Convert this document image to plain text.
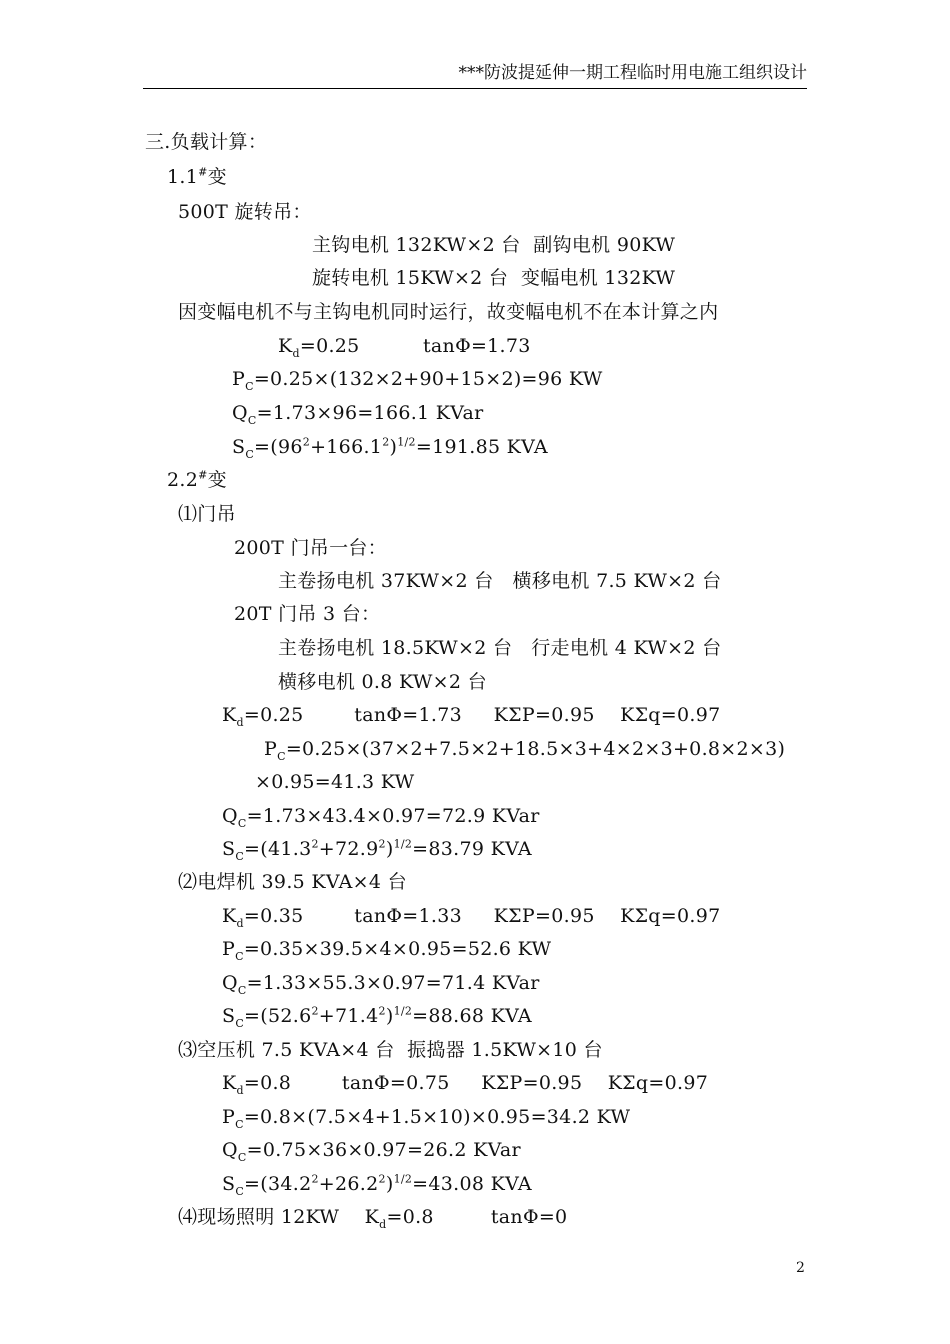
***防波提延伸一期工程临时用电施工组织设计
三.负载计算：
1.1#变
500T 旋转吊：
主钩电机 132KW×2 台  副钩电机 90KW
旋转电机 15KW×2 台  变幅电机 132KW
因变幅电机不与主钩电机同时运行，故变幅电机不在本计算之内
$K_d=0.25$          tanΦ=1.73
$P_C=0.25\times(132\times 2+90+15\times 2)=96$ KW
$Q_C=1.73\times 96=166.1$ KVar
$S_C=(96^2+166.1^2)^{1/2}=191.85$ KVA
2.2#变
⑴门吊
200T 门吊一台：
主卷扬电机 37KW×2 台   横移电机 7.5 KW×2 台
20T 门吊 3 台：
主卷扬电机 18.5KW×2 台   行走电机 4 KW×2 台
横移电机 0.8 KW×2 台
$K_d=0.25$        tanΦ=1.73     KΣP=0.95    KΣq=0.97
$P_C=0.25\times(37\times 2+7.5\times 2+18.5\times 3+4\times 2\times 3+0.8\times 2\times 3)$
×0.95=41.3 KW
$Q_C=1.73\times 43.4\times 0.97=72.9$ KVar
$S_C=(41.3^2+72.9^2)^{1/2}=83.79$ KVA
⑵电焊机 39.5 KVA×4 台
$K_d=0.35$        tanΦ=1.33     KΣP=0.95    KΣq=0.97
$P_C=0.35\times 39.5\times 4\times 0.95=52.6$ KW
$Q_C=1.33\times 55.3\times 0.97=71.4$ KVar
$S_C=(52.6^2+71.4^2)^{1/2}=88.68$ KVA
⑶空压机 7.5 KVA×4 台  振捣器 1.5KW×10 台
$K_d=0.8$        tanΦ=0.75     KΣP=0.95    KΣq=0.97
$P_C=0.8\times(7.5\times 4+1.5\times 10)\times 0.95=34.2$ KW
$Q_C=0.75\times 36\times 0.97=26.2$ KVar
$S_C=(34.2^2+26.2^2)^{1/2}=43.08$ KVA
⑷现场照明 12KW    $K_d=0.8$         tanΦ=0
2
